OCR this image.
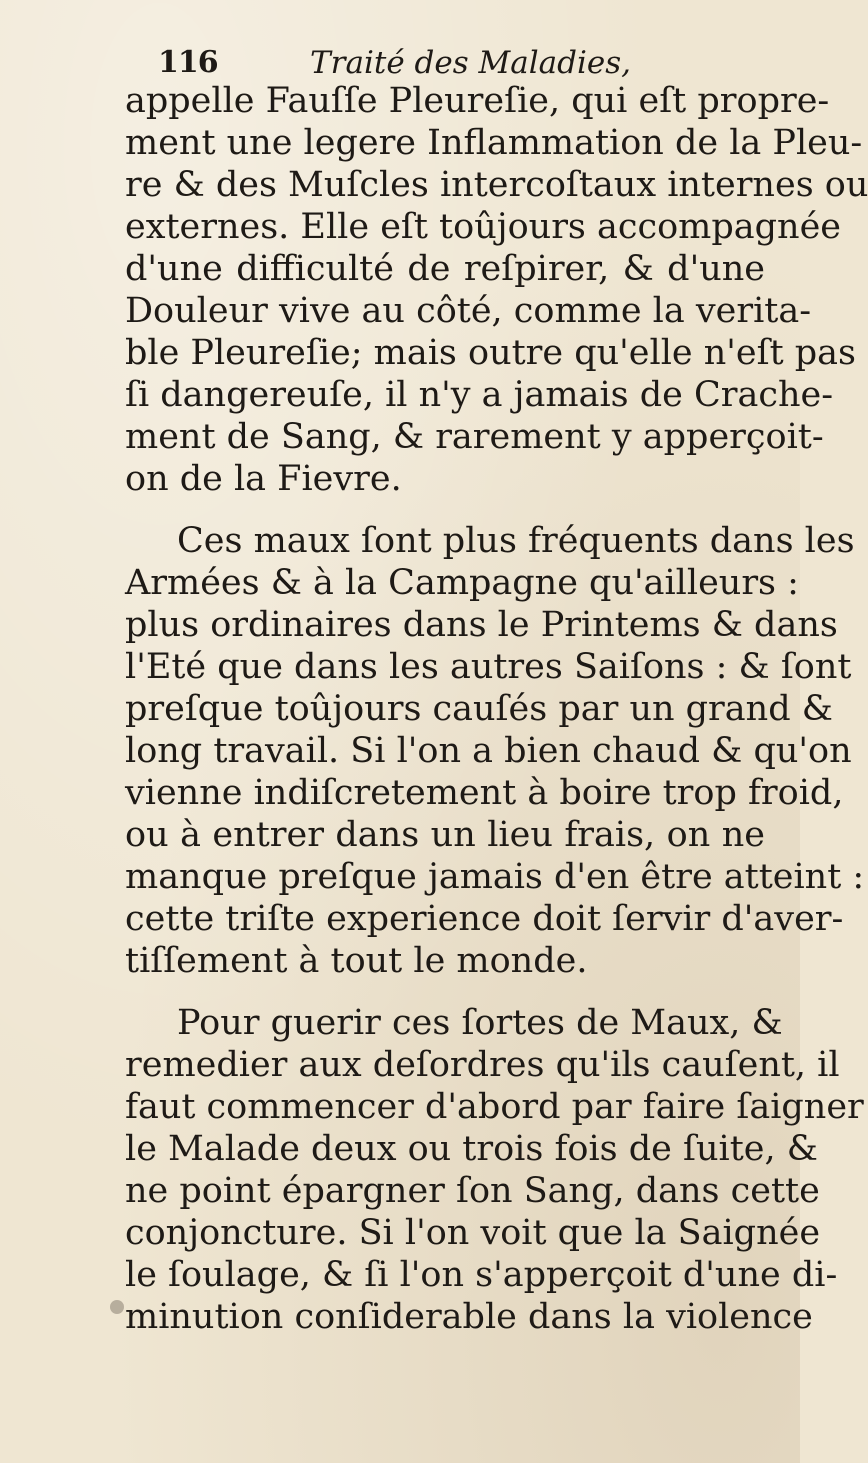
116	Traité des Maladies,
appelle Fauſſe Pleureſie, qui eſt propre-
ment une legere Inflammation de la Pleu-
re & des Muſcles intercoſtaux internes ou
externes. Elle eſt toûjours accompagnée
d'une difficulté de reſpirer, & d'une
Douleur vive au côté, comme la verita-
ble Pleureſie; mais outre qu'elle n'eſt pas
ſi dangereuſe, il n'y a jamais de Crache-
ment de Sang, & rarement y apperçoit-
on de la Fievre.
Ces maux ſont plus fréquents dans les
Armées & à la Campagne qu'ailleurs :
plus ordinaires dans le Printems & dans
l'Eté que dans les autres Saiſons : & ſont
preſque toûjours cauſés par un grand &
long travail. Si l'on a bien chaud & qu'on
vienne indiſcretement à boire trop froid,
ou à entrer dans un lieu frais, on ne
manque preſque jamais d'en être atteint :
cette triſte experience doit ſervir d'aver-
tiſſement à tout le monde.
Pour guerir ces ſortes de Maux, &
remedier aux deſordres qu'ils cauſent, il
faut commencer d'abord par faire ſaigner
le Malade deux ou trois fois de ſuite, &
ne point épargner ſon Sang, dans cette
conjoncture. Si l'on voit que la Saignée
le ſoulage, & ſi l'on s'apperçoit d'une di-
minution conſiderable dans la violence
